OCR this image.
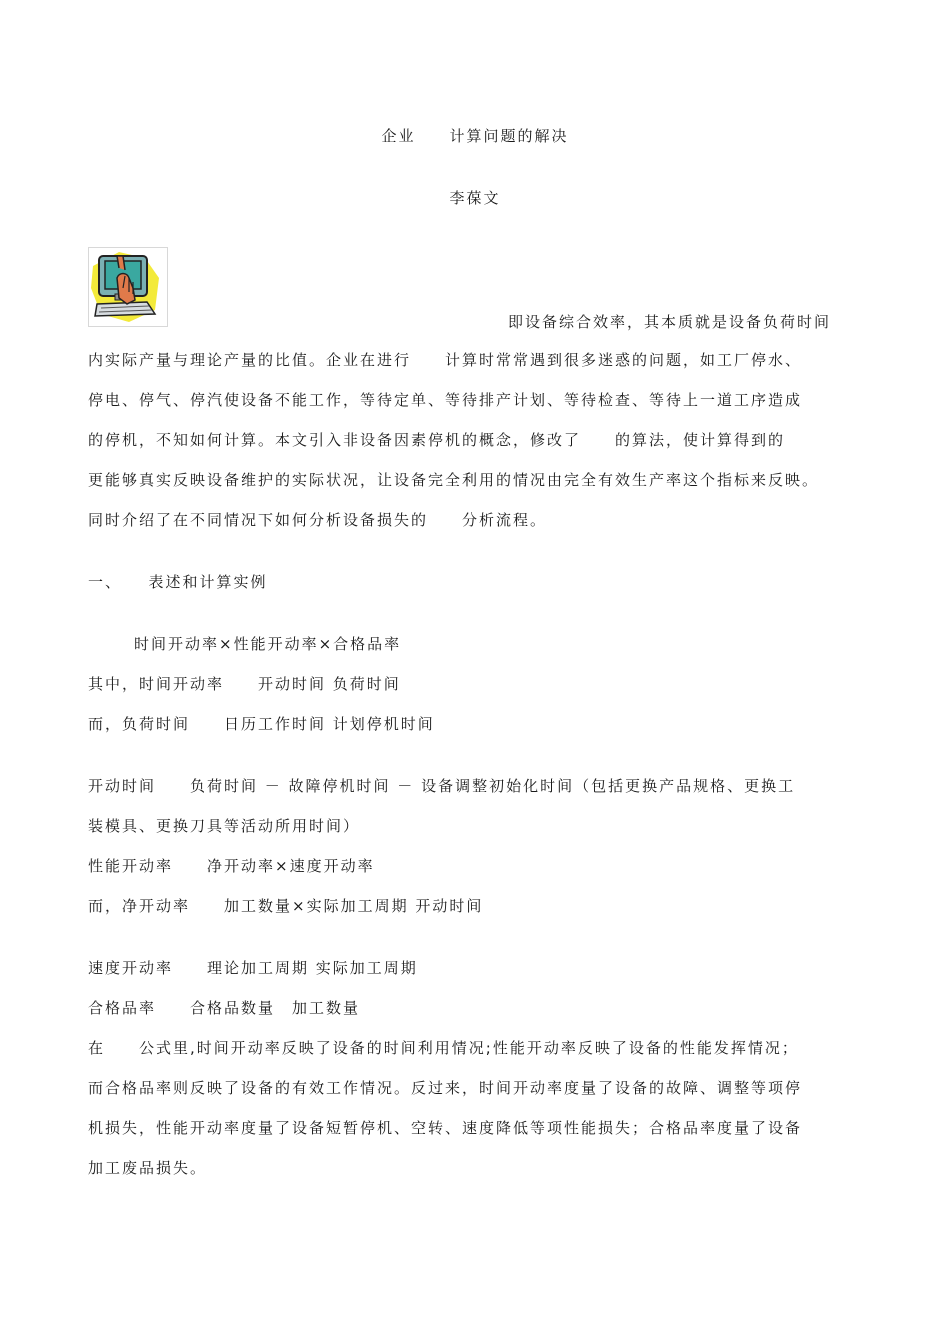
企业　　计算问题的解决
李葆文
即设备综合效率，其本质就是设备负荷时间
内实际产量与理论产量的比值。企业在进行　　计算时常常遇到很多迷惑的问题，如工厂停水、
停电、停气、停汽使设备不能工作，等待定单、等待排产计划、等待检查、等待上一道工序造成
的停机，不知如何计算。本文引入非设备因素停机的概念，修改了　　的算法，使计算得到的
更能够真实反映设备维护的实际状况，让设备完全利用的情况由完全有效生产率这个指标来反映。
同时介绍了在不同情况下如何分析设备损失的　　分析流程。
一、　　表述和计算实例
时间开动率×性能开动率×合格品率
其中，时间开动率　　开动时间 负荷时间
而，负荷时间　　日历工作时间 计划停机时间
开动时间　　负荷时间 － 故障停机时间 － 设备调整初始化时间（包括更换产品规格、更换工
装模具、更换刀具等活动所用时间）
性能开动率　　净开动率×速度开动率
而，净开动率　　加工数量×实际加工周期 开动时间
速度开动率　　理论加工周期 实际加工周期
合格品率　　合格品数量　加工数量
在　　公式里,时间开动率反映了设备的时间利用情况;性能开动率反映了设备的性能发挥情况；
而合格品率则反映了设备的有效工作情况。反过来，时间开动率度量了设备的故障、调整等项停
机损失，性能开动率度量了设备短暂停机、空转、速度降低等项性能损失；合格品率度量了设备
加工废品损失。
